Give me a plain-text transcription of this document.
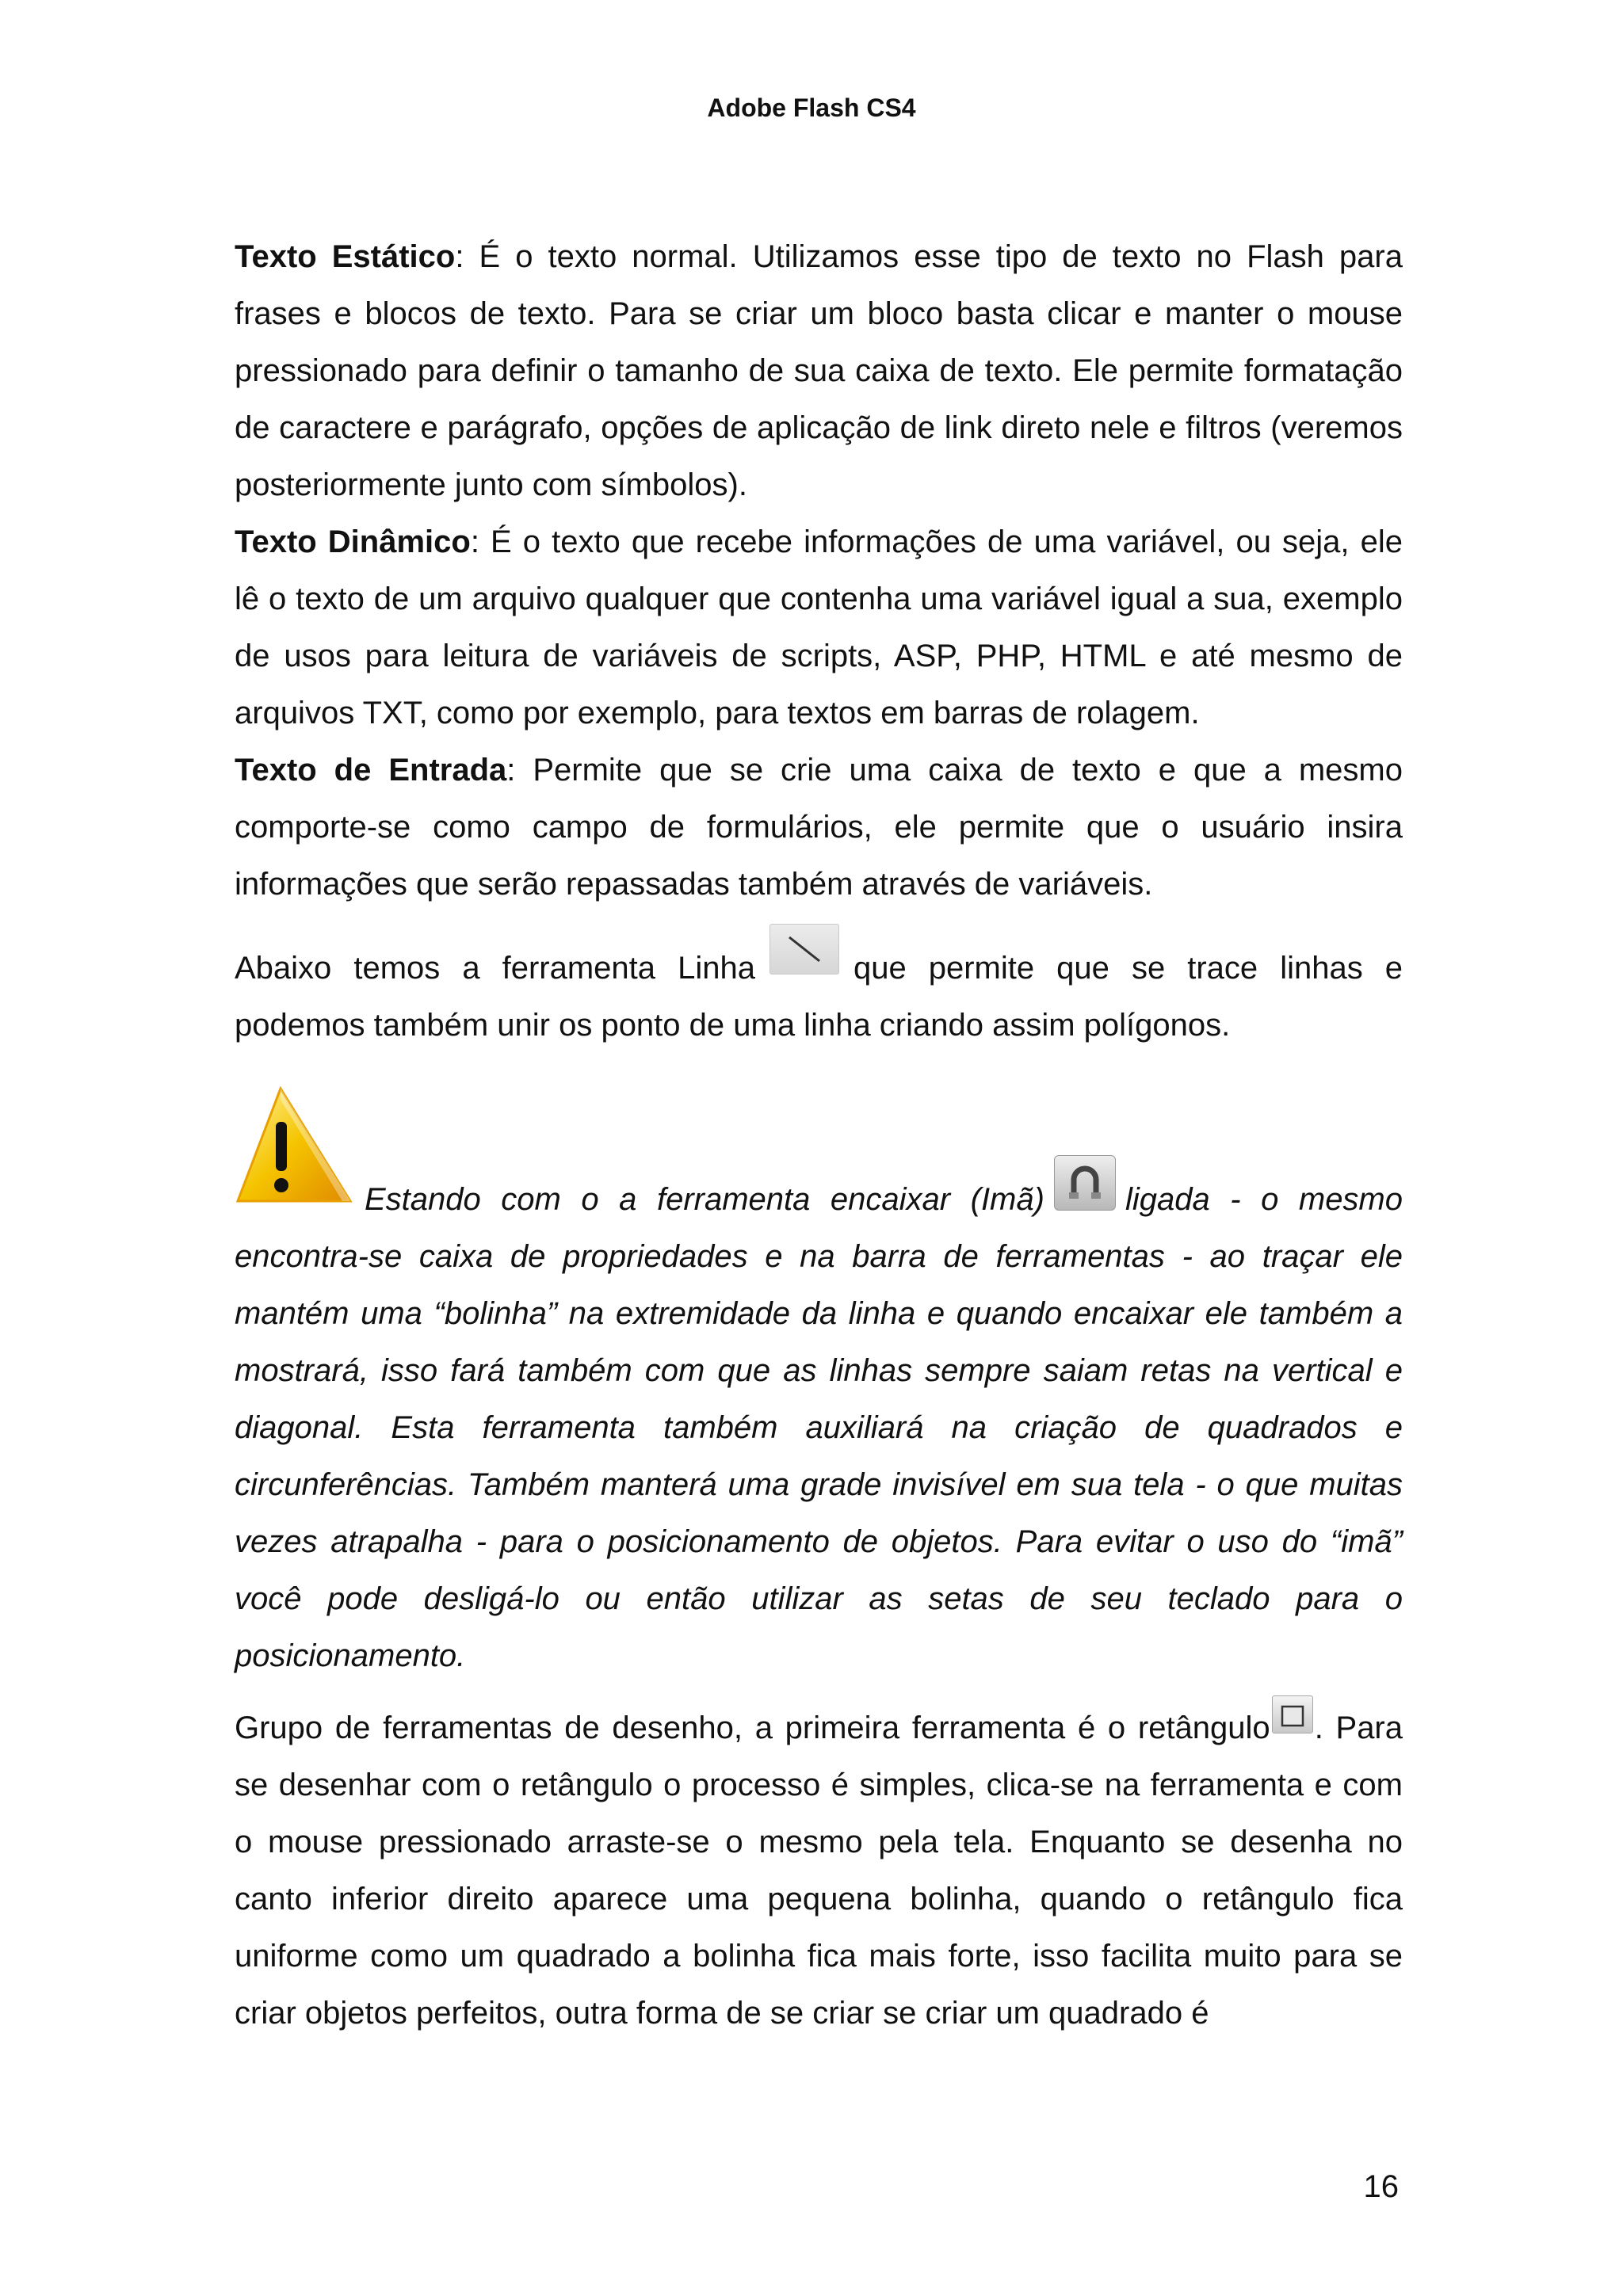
Adobe Flash CS4

Texto Estático: É o texto normal. Utilizamos esse tipo de texto no Flash para frases e blocos de texto. Para se criar um bloco basta clicar e manter o mouse pressionado para definir o tamanho de sua caixa de texto. Ele permite formatação de caractere e parágrafo, opções de aplicação de link direto nele e filtros (veremos posteriormente junto com símbolos).

Texto Dinâmico: É o texto que recebe informações de uma variável, ou seja, ele lê o texto de um arquivo qualquer que contenha uma variável igual a sua, exemplo de usos para leitura de variáveis de scripts, ASP, PHP, HTML e até mesmo de arquivos TXT, como por exemplo, para textos em barras de rolagem.

Texto de Entrada: Permite que se crie uma caixa de texto e que a mesmo comporte-se como campo de formulários, ele permite que o usuário insira informações que serão repassadas também através de variáveis.

Abaixo temos a ferramenta Linha	que permite que se trace linhas e podemos também unir os ponto de uma linha criando assim polígonos.

Estando com o a ferramenta encaixar (Imã)	ligada - o mesmo encontra-se caixa de propriedades e na barra de ferramentas - ao traçar ele mantém uma “bolinha” na extremidade da linha e quando encaixar ele também a mostrará, isso fará também com que as linhas sempre saiam retas na vertical e diagonal. Esta ferramenta também auxiliará na criação de quadrados e circunferências. Também manterá uma grade invisível em sua tela - o que muitas vezes atrapalha - para o posicionamento de objetos. Para evitar o uso do “imã” você pode desligá-lo ou então utilizar as setas de seu teclado para o posicionamento.

Grupo de ferramentas de desenho, a primeira ferramenta é o retângulo . Para se desenhar com o retângulo o processo é simples, clica-se na ferramenta e com o mouse pressionado arraste-se o mesmo pela tela. Enquanto se desenha no canto inferior direito aparece uma pequena bolinha, quando o retângulo fica uniforme como um quadrado a bolinha fica mais forte, isso facilita muito para se criar objetos perfeitos, outra forma de se criar se criar um quadrado é

16
